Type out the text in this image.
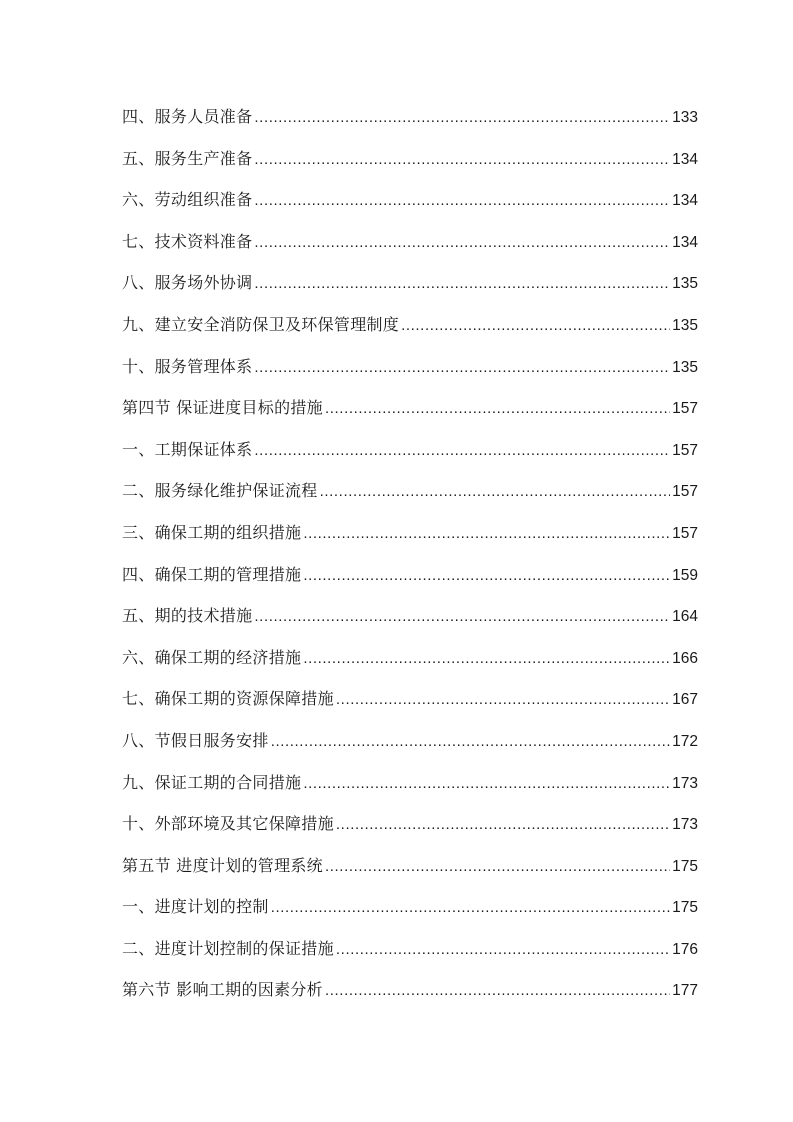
四、服务人员准备 .....	133
五、服务生产准备 .....	134
六、劳动组织准备 .....	134
七、技术资料准备 .....	134
八、服务场外协调 .....	135
九、建立安全消防保卫及环保管理制度 .....	135
十、服务管理体系 .....	135
第四节 保证进度目标的措施 .....	157
一、工期保证体系 .....	157
二、服务绿化维护保证流程 .....	157
三、确保工期的组织措施 .....	157
四、确保工期的管理措施 .....	159
五、期的技术措施 .....	164
六、确保工期的经济措施 .....	166
七、确保工期的资源保障措施 .....	167
八、节假日服务安排 .....	172
九、保证工期的合同措施 .....	173
十、外部环境及其它保障措施 .....	173
第五节 进度计划的管理系统 .....	175
一、进度计划的控制 .....	175
二、进度计划控制的保证措施 .....	176
第六节 影响工期的因素分析 .....	177
